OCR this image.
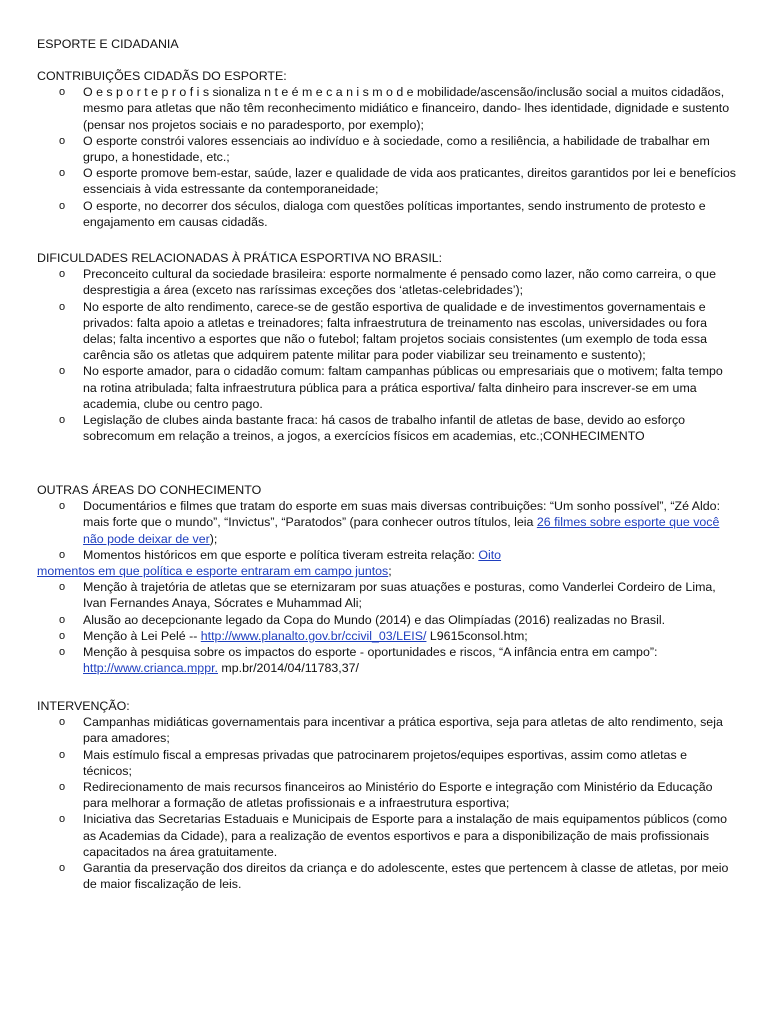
ESPORTE E CIDADANIA
CONTRIBUIÇÕES CIDADÃS DO ESPORTE:
o O e s p o r t e p r o f i s sionaliza n t e é m e c a n i s m o d e mobilidade/ascensão/inclusão social a muitos cidadãos, mesmo para atletas que não têm reconhecimento midiático e financeiro, dando- lhes identidade, dignidade e sustento (pensar nos projetos sociais e no paradesporto, por exemplo);
o O esporte constrói valores essenciais ao indivíduo e à sociedade, como a resiliência, a habilidade de trabalhar em grupo, a honestidade, etc.;
o O esporte promove bem-estar, saúde, lazer e qualidade de vida aos praticantes, direitos garantidos por lei e benefícios essenciais à vida estressante da contemporaneidade;
o O esporte, no decorrer dos séculos, dialoga com questões políticas importantes, sendo instrumento de protesto e engajamento em causas cidadãs.
DIFICULDADES RELACIONADAS À PRÁTICA ESPORTIVA NO BRASIL:
o Preconceito cultural da sociedade brasileira: esporte normalmente é pensado como lazer, não como carreira, o que desprestigia a área (exceto nas raríssimas exceções dos ‘atletas-celebridades’);
o No esporte de alto rendimento, carece-se de gestão esportiva de qualidade e de investimentos governamentais e privados: falta apoio a atletas e treinadores; falta infraestrutura de treinamento nas escolas, universidades ou fora delas; falta incentivo a esportes que não o futebol; faltam projetos sociais consistentes (um exemplo de toda essa carência são os atletas que adquirem patente militar para poder viabilizar seu treinamento e sustento);
o No esporte amador, para o cidadão comum: faltam campanhas públicas ou empresariais que o motivem; falta tempo na rotina atribulada; falta infraestrutura pública para a prática esportiva/ falta dinheiro para inscrever-se em uma academia, clube ou centro pago.
o Legislação de clubes ainda bastante fraca: há casos de trabalho infantil de atletas de base, devido ao esforço sobrecomum em relação a treinos, a jogos, a exercícios físicos em academias, etc.;CONHECIMENTO
OUTRAS ÁREAS DO CONHECIMENTO
o Documentários e filmes que tratam do esporte em suas mais diversas contribuições: “Um sonho possível”, “Zé Aldo: mais forte que o mundo”, “Invictus”, “Paratodos” (para conhecer outros títulos, leia 26 filmes sobre esporte que você não pode deixar de ver);
o Momentos históricos em que esporte e política tiveram estreita relação: Oito
momentos em que política e esporte entraram em campo juntos;
o Menção à trajetória de atletas que se eternizaram por suas atuações e posturas, como Vanderlei Cordeiro de Lima, Ivan Fernandes Anaya, Sócrates e Muhammad Ali;
o Alusão ao decepcionante legado da Copa do Mundo (2014) e das Olimpíadas (2016) realizadas no Brasil.
o Menção à Lei Pelé -- http://www.planalto.gov.br/ccivil_03/LEIS/ L9615consol.htm;
o Menção à pesquisa sobre os impactos do esporte - oportunidades e riscos, “A infância entra em campo”: http://www.crianca.mppr. mp.br/2014/04/11783,37/
INTERVENÇÃO:
o Campanhas midiáticas governamentais para incentivar a prática esportiva, seja para atletas de alto rendimento, seja para amadores;
o Mais estímulo fiscal a empresas privadas que patrocinarem projetos/equipes esportivas, assim como atletas e técnicos;
o Redirecionamento de mais recursos financeiros ao Ministério do Esporte e integração com Ministério da Educação para melhorar a formação de atletas profissionais e a infraestrutura esportiva;
o Iniciativa das Secretarias Estaduais e Municipais de Esporte para a instalação de mais equipamentos públicos (como as Academias da Cidade), para a realização de eventos esportivos e para a disponibilização de mais profissionais capacitados na área gratuitamente.
o Garantia da preservação dos direitos da criança e do adolescente, estes que pertencem à classe de atletas, por meio de maior fiscalização de leis.
